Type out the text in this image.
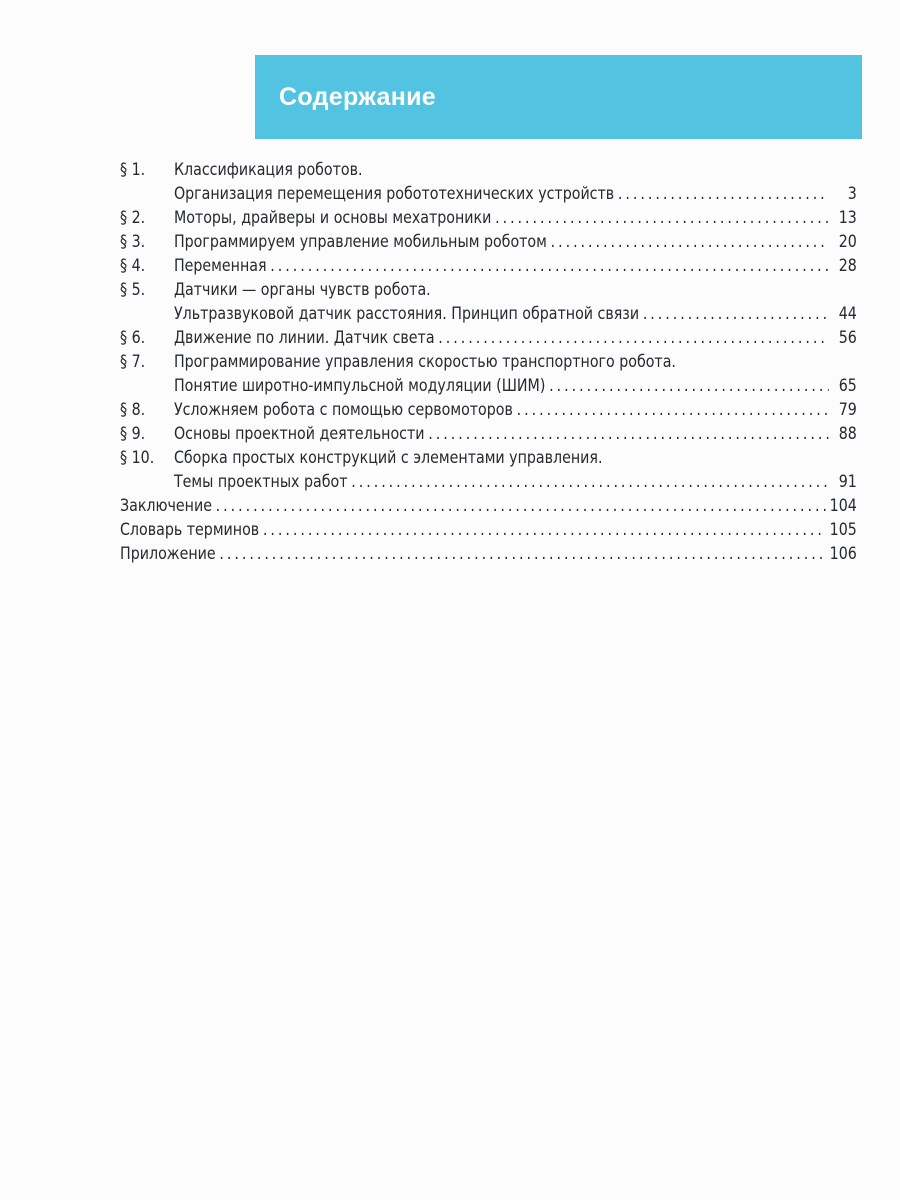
Содержание
§ 1.	Классификация роботов.
Организация перемещения робототехнических устройств .....	3
§ 2.	Моторы, драйверы и основы мехатроники .....	13
§ 3.	Программируем управление мобильным роботом .....	20
§ 4.	Переменная .....	28
§ 5.	Датчики — органы чувств робота.
Ультразвуковой датчик расстояния. Принцип обратной связи .....	44
§ 6.	Движение по линии. Датчик света .....	56
§ 7.	Программирование управления скоростью транспортного робота.
Понятие широтно-импульсной модуляции (ШИМ) .....	65
§ 8.	Усложняем робота с помощью сервомоторов .....	79
§ 9.	Основы проектной деятельности .....	88
§ 10.	Сборка простых конструкций с элементами управления.
Темы проектных работ .....	91
Заключение .....	104
Словарь терминов .....	105
Приложение .....	106
